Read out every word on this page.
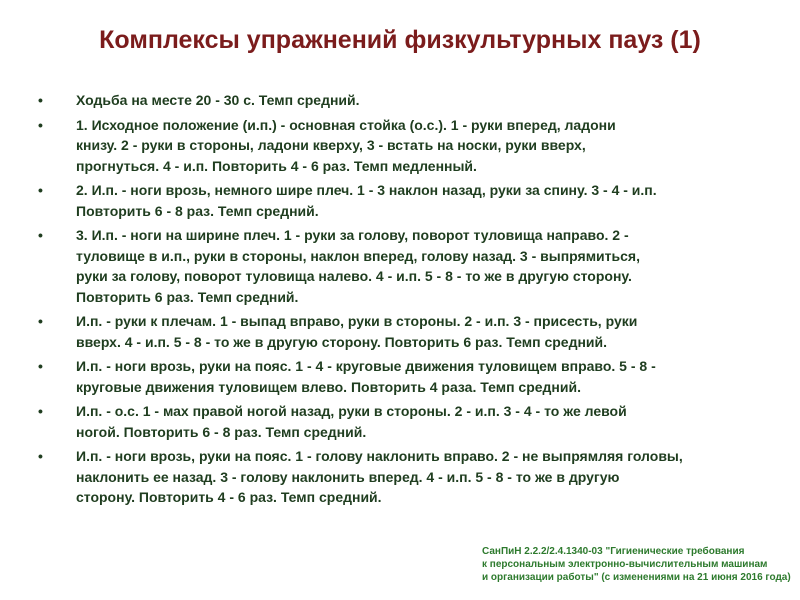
Комплексы упражнений физкультурных пауз (1)
• Ходьба на месте 20 - 30 с. Темп средний.
• 1. Исходное положение (и.п.) - основная стойка (о.с.). 1 - руки вперед, ладони
книзу. 2 - руки в стороны, ладони кверху, 3 - встать на носки, руки вверх,
прогнуться. 4 - и.п. Повторить 4 - 6 раз. Темп медленный.
• 2. И.п. - ноги врозь, немного шире плеч. 1 - 3 наклон назад, руки за спину. 3 - 4 - и.п.
Повторить 6 - 8 раз. Темп средний.
• 3. И.п. - ноги на ширине плеч. 1 - руки за голову, поворот туловища направо. 2 -
туловище в и.п., руки в стороны, наклон вперед, голову назад. 3 - выпрямиться,
руки за голову, поворот туловища налево. 4 - и.п. 5 - 8 - то же в другую сторону.
Повторить 6 раз. Темп средний.
• И.п. - руки к плечам. 1 - выпад вправо, руки в стороны. 2 - и.п. 3 - присесть, руки
вверх. 4 - и.п. 5 - 8 - то же в другую сторону. Повторить 6 раз. Темп средний.
• И.п. - ноги врозь, руки на пояс. 1 - 4 - круговые движения туловищем вправо. 5 - 8 -
круговые движения туловищем влево. Повторить 4 раза. Темп средний.
• И.п. - о.с. 1 - мах правой ногой назад, руки в стороны. 2 - и.п. 3 - 4 - то же левой
ногой. Повторить 6 - 8 раз. Темп средний.
• И.п. - ноги врозь, руки на пояс. 1 - голову наклонить вправо. 2 - не выпрямляя головы,
наклонить ее назад. 3 - голову наклонить вперед. 4 - и.п. 5 - 8 - то же в другую
сторону. Повторить 4 - 6 раз. Темп средний.
СанПиН 2.2.2/2.4.1340-03 "Гигиенические требования
к персональным электронно-вычислительным машинам
и организации работы" (с изменениями на 21 июня 2016 года)
